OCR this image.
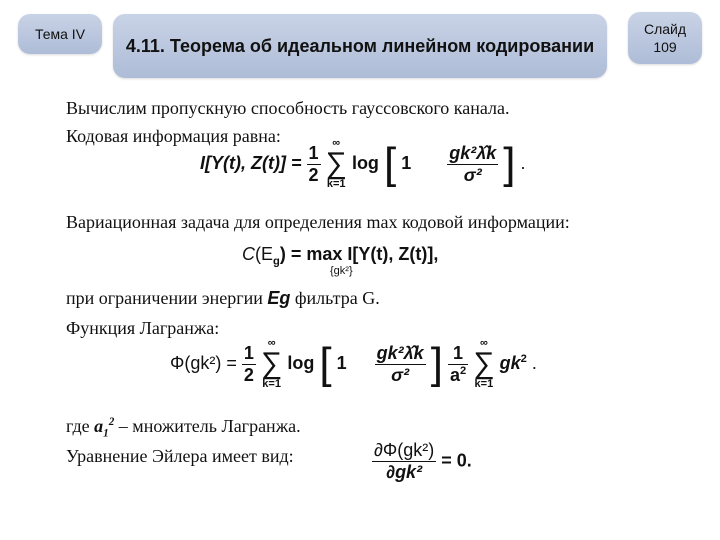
Тема IV
4.11. Теорема об идеальном линейном кодировании
Слайд
109
Вычислим пропускную способность гауссовского канала.
Кодовая информация равна:
I[Y(t), $Z(t)] = \frac{1}{2}$
	∞
∑
k=1
log [ $1 \frac{\text{gk²λ̂k}}{\text{σ²}}$ ] .
Вариационная задача для определения max кодовой информации:
$C(E_g) = \max I[Y(t)$, Z(t)],
{gk²}
при ограничении энергии Eg фильтра G.
Функция Лагранжа:
$\Phi(gk^2) = \frac{1}{2}$
	∞
∑
k=1
log [ $1 \frac{\text{gk²λ̂k}}{\text{σ²}}$ ] $\frac{1}{a^2}$
	∞
∑
k=1
$gk^2$ .
где $a_1^2$ – множитель Лагранжа.
Уравнение Эйлера имеет вид:	$\frac{\text{∂Φ(gk²)}}{\text{∂gk²}} = 0$.
